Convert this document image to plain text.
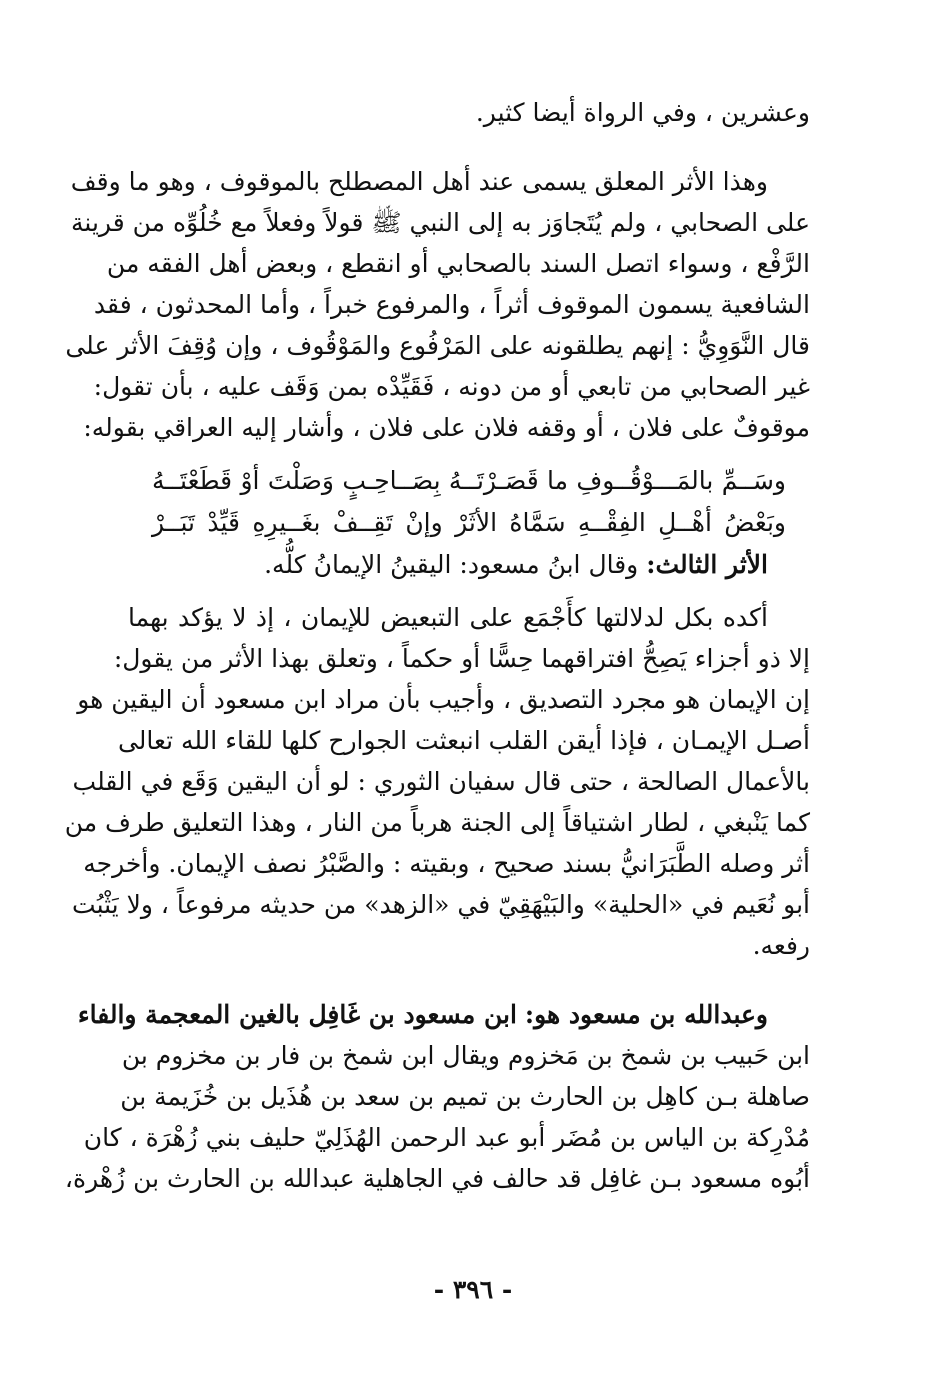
وعشرين ، وفي الرواة أيضا كثير.
وهذا الأثر المعلق يسمى عند أهل المصطلح بالموقوف ، وهو ما وقف
على الصحابي ، ولم يُتَجاوَز به إلى النبي ﷺ قولاً وفعلاً مع خُلُوِّه من قرينة
الرَّفْع ، وسواء اتصل السند بالصحابي أو انقطع ، وبعض أهل الفقه من
الشافعية يسمون الموقوف أثراً ، والمرفوع خبراً ، وأما المحدثون ، فقد
قال النَّوَوِيُّ : إنهم يطلقونه على المَرْفُوع والمَوْقُوف ، وإن وُقِفَ الأثر على
غير الصحابي من تابعي أو من دونه ، فَقَيِّدْه بمن وَقَف عليه ، بأن تقول:
موقوفٌ على فلان ، أو وقفه فلان على فلان ، وأشار إليه العراقي بقوله:
وسَــمِّ بالمَـــوْقُــوفِ ما قَصَـرْتَــهُ بِصَــاحِـبٍ وَصَلْتَ أوْ قَطَعْتَــهُ
وبَعْضُ أهْــلِ الفِقْــهِ سَمَّاهُ الأثَرْ وإنْ تَقِــفْ بغَــيرِهِ قَيِّدْ تَبَــرْ
الأثر الثالث: وقال ابنُ مسعود: اليقينُ الإيمانُ كلُّه.
أكده بكل لدلالتها كأَجْمَع على التبعيض للإيمان ، إذ لا يؤكد بهما
إلا ذو أجزاء يَصِحُّ افتراقهما حِسًّا أو حكماً ، وتعلق بهذا الأثر من يقول:
إن الإيمان هو مجرد التصديق ، وأجيب بأن مراد ابن مسعود أن اليقين هو
أصـل الإيمـان ، فإذا أيقن القلب انبعثت الجوارح كلها للقاء الله تعالى
بالأعمال الصالحة ، حتى قال سفيان الثوري : لو أن اليقين وَقَع في القلب
كما يَنْبغي ، لطار اشتياقاً إلى الجنة هرباً من النار ، وهذا التعليق طرف من
أثر وصله الطَّبَرَانيُّ بسند صحيح ، وبقيته : والصَّبْرُ نصف الإيمان. وأخرجه
أبو نُعَيم في «الحلية» والبَيْهَقِيّ في «الزهد» من حديثه مرفوعاً ، ولا يَثْبُت
رفعه.
وعبدالله بن مسعود هو: ابن مسعود بن غَافِل بالغين المعجمة والفاء
ابن حَبيب بن شمخ بن مَخزوم ويقال ابن شمخ بن فار بن مخزوم بن
صاهلة بـن كاهِل بن الحارث بن تميم بن سعد بن هُذَيل بن خُزَيمة بن
مُدْرِكة بن الياس بن مُضَر أبو عبد الرحمن الهُذَلِيّ حليف بني زُهْرَة ، كان
أبُوه مسعود بـن غافِل قد حالف في الجاهلية عبدالله بن الحارث بن زُهْرة،
- ٣٩٦ -
